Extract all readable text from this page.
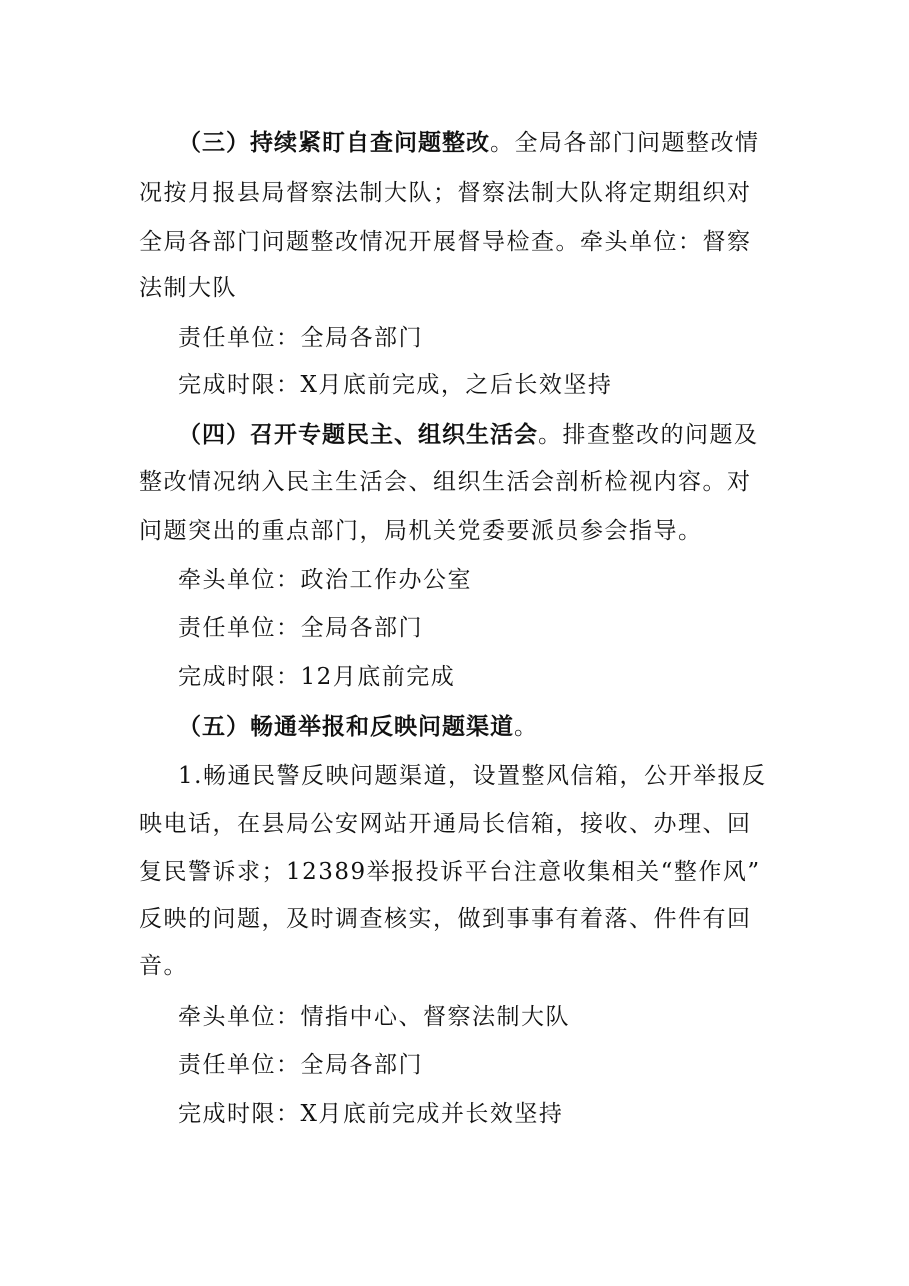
（三）持续紧盯自查问题整改。全局各部门问题整改情
况按月报县局督察法制大队；督察法制大队将定期组织对
全局各部门问题整改情况开展督导检查。牵头单位：督察
法制大队
责任单位：全局各部门
完成时限：X月底前完成，之后长效坚持
（四）召开专题民主、组织生活会。排查整改的问题及
整改情况纳入民主生活会、组织生活会剖析检视内容。对
问题突出的重点部门，局机关党委要派员参会指导。
牵头单位：政治工作办公室
责任单位：全局各部门
完成时限：12月底前完成
（五）畅通举报和反映问题渠道。
1.畅通民警反映问题渠道，设置整风信箱，公开举报反
映电话，在县局公安网站开通局长信箱，接收、办理、回
复民警诉求；12389举报投诉平台注意收集相关“整作风”
反映的问题，及时调查核实，做到事事有着落、件件有回
音。
牵头单位：情指中心、督察法制大队
责任单位：全局各部门
完成时限：X月底前完成并长效坚持
